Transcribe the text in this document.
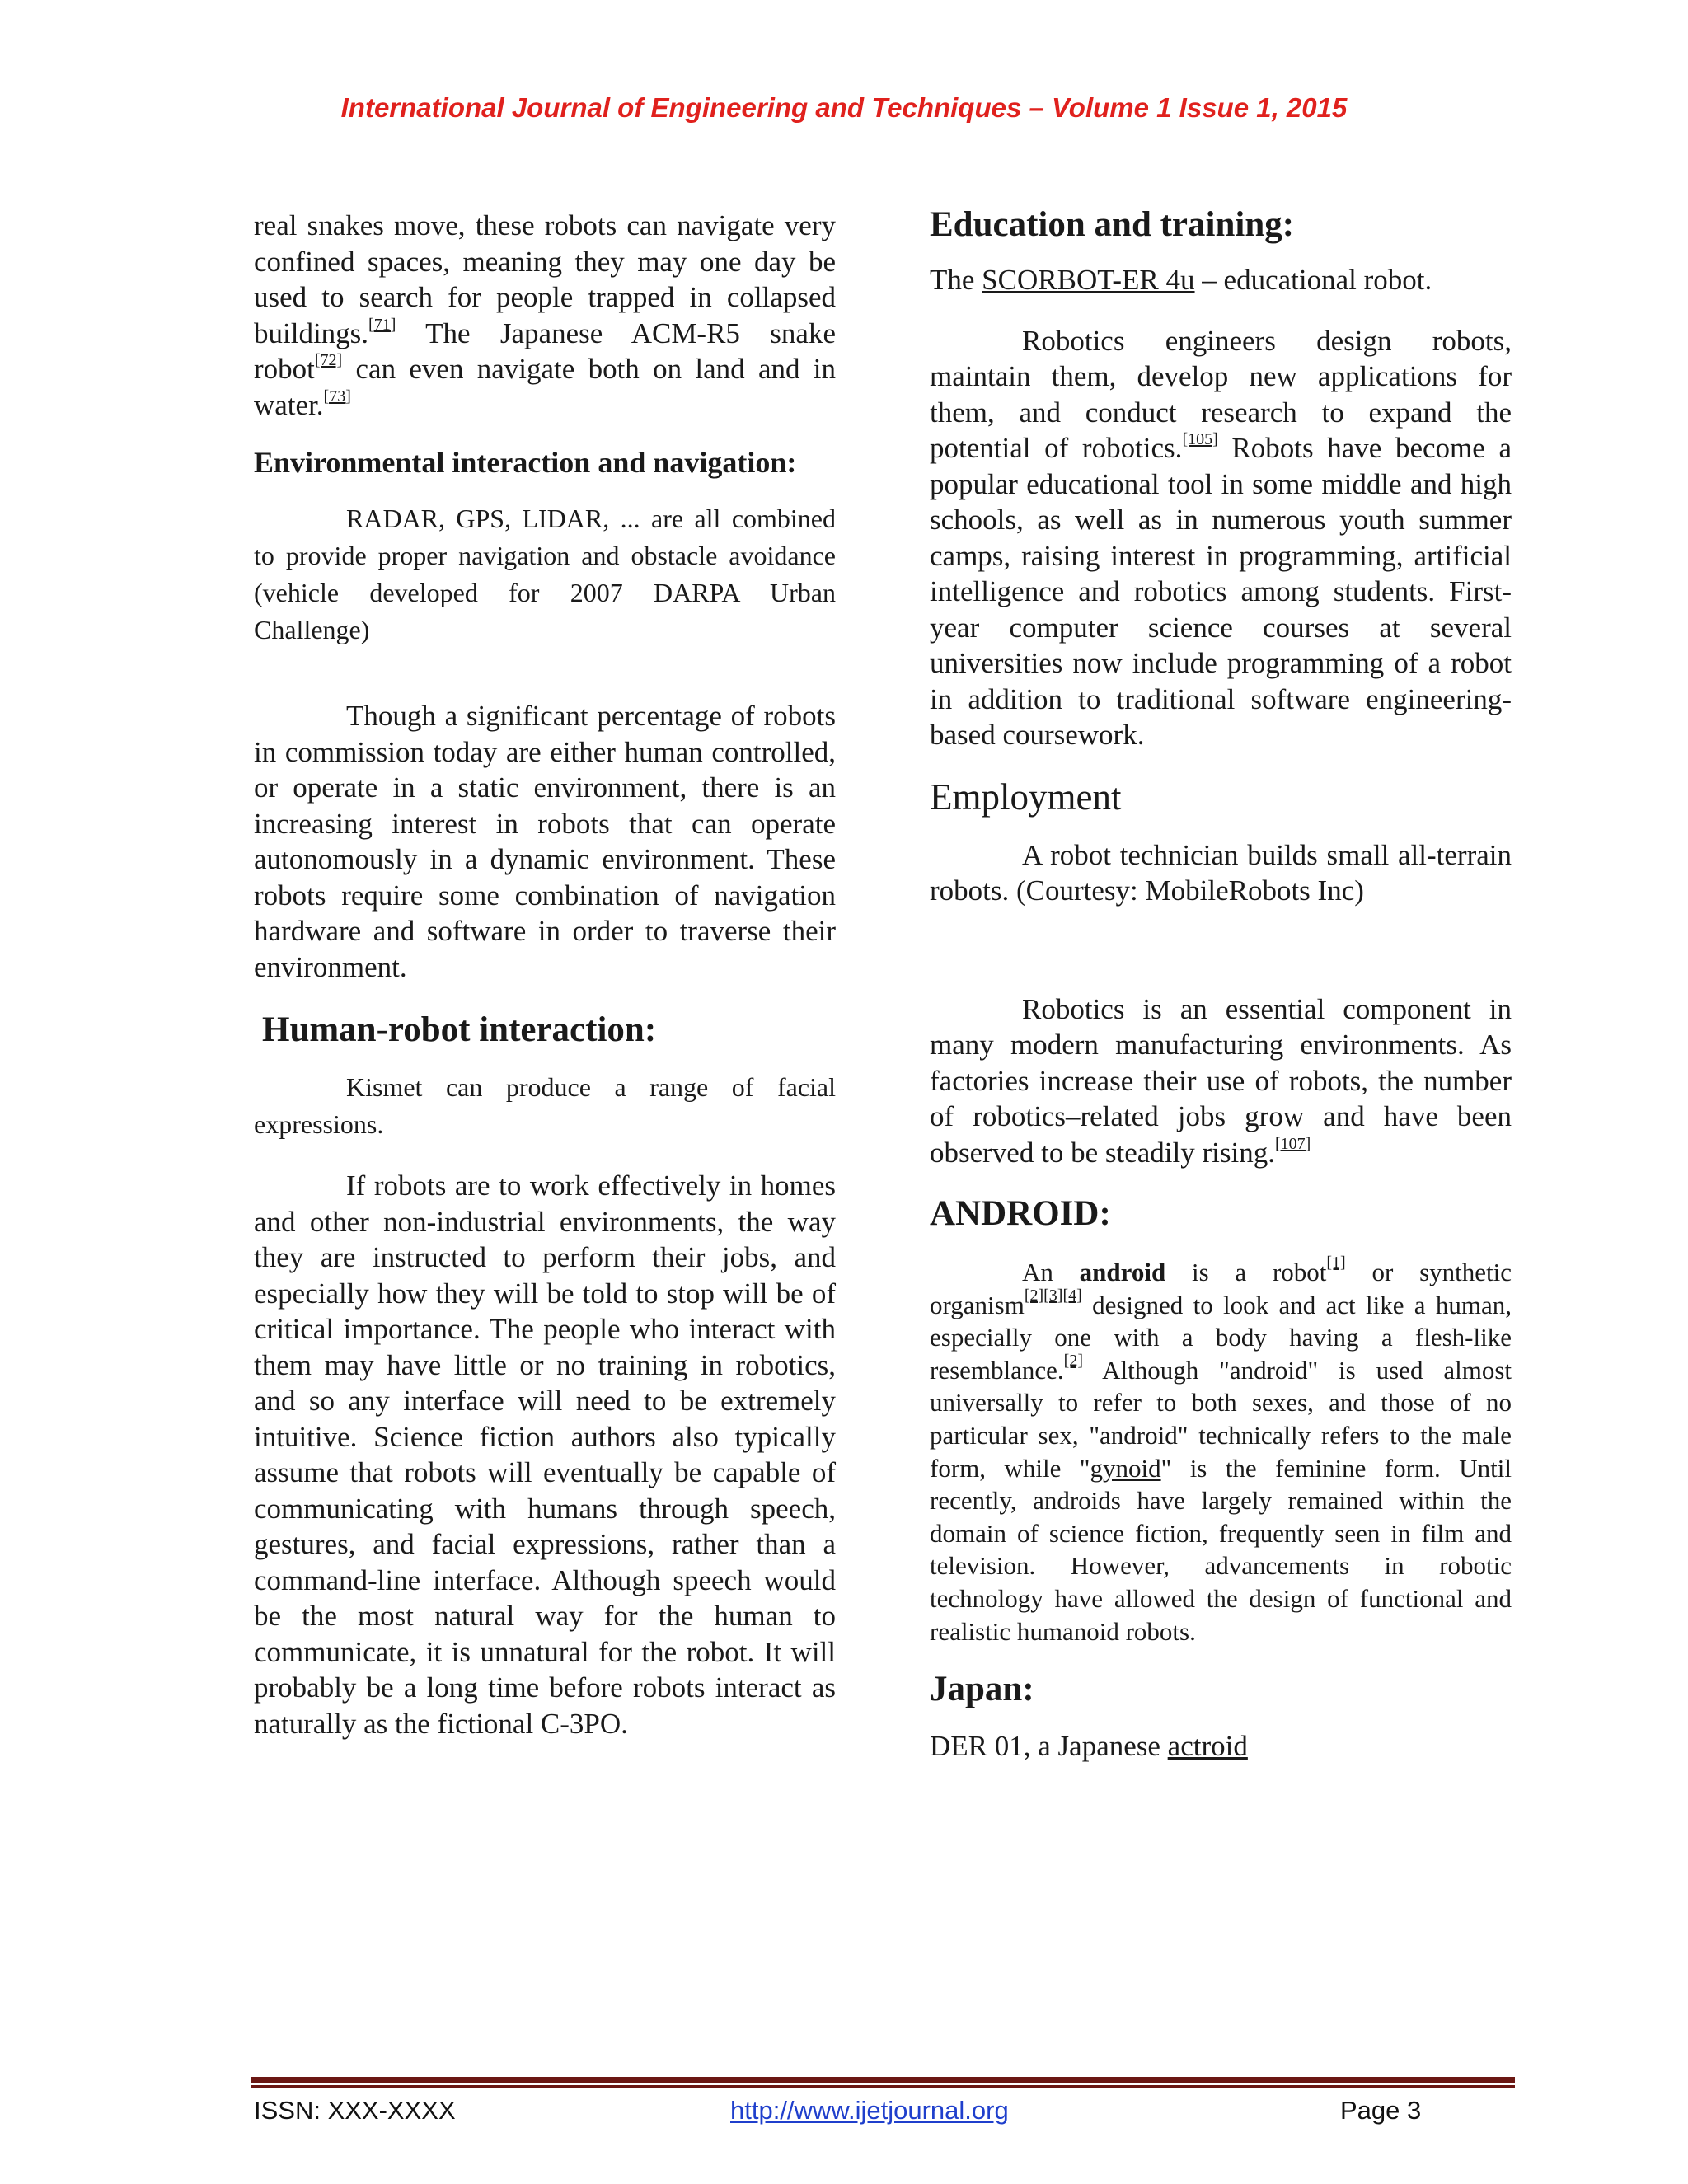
International Journal of Engineering and Techniques – Volume 1 Issue 1, 2015

real snakes move, these robots can navigate very confined spaces, meaning they may one day be used to search for people trapped in collapsed buildings.[71] The Japanese ACM-R5 snake robot[72] can even navigate both on land and in water.[73]

Environmental interaction and navigation:

RADAR, GPS, LIDAR, ... are all combined to provide proper navigation and obstacle avoidance (vehicle developed for 2007 DARPA Urban Challenge)

Though a significant percentage of robots in commission today are either human controlled, or operate in a static environment, there is an increasing interest in robots that can operate autonomously in a dynamic environment. These robots require some combination of navigation hardware and software in order to traverse their environment.

Human-robot interaction:

Kismet can produce a range of facial expressions.

If robots are to work effectively in homes and other non-industrial environments, the way they are instructed to perform their jobs, and especially how they will be told to stop will be of critical importance. The people who interact with them may have little or no training in robotics, and so any interface will need to be extremely intuitive. Science fiction authors also typically assume that robots will eventually be capable of communicating with humans through speech, gestures, and facial expressions, rather than a command-line interface. Although speech would be the most natural way for the human to communicate, it is unnatural for the robot. It will probably be a long time before robots interact as naturally as the fictional C-3PO.

Education and training:

The SCORBOT-ER 4u – educational robot.

Robotics engineers design robots, maintain them, develop new applications for them, and conduct research to expand the potential of robotics.[105] Robots have become a popular educational tool in some middle and high schools, as well as in numerous youth summer camps, raising interest in programming, artificial intelligence and robotics among students. First-year computer science courses at several universities now include programming of a robot in addition to traditional software engineering-based coursework.

Employment

A robot technician builds small all-terrain robots. (Courtesy: MobileRobots Inc)

Robotics is an essential component in many modern manufacturing environments. As factories increase their use of robots, the number of robotics–related jobs grow and have been observed to be steadily rising.[107]

ANDROID:

An android is a robot[1] or synthetic organism[2][3][4] designed to look and act like a human, especially one with a body having a flesh-like resemblance.[2] Although "android" is used almost universally to refer to both sexes, and those of no particular sex, "android" technically refers to the male form, while "gynoid" is the feminine form. Until recently, androids have largely remained within the domain of science fiction, frequently seen in film and television. However, advancements in robotic technology have allowed the design of functional and realistic humanoid robots.

Japan:

DER 01, a Japanese actroid

ISSN: XXX-XXXX	http://www.ijetjournal.org	Page 3
